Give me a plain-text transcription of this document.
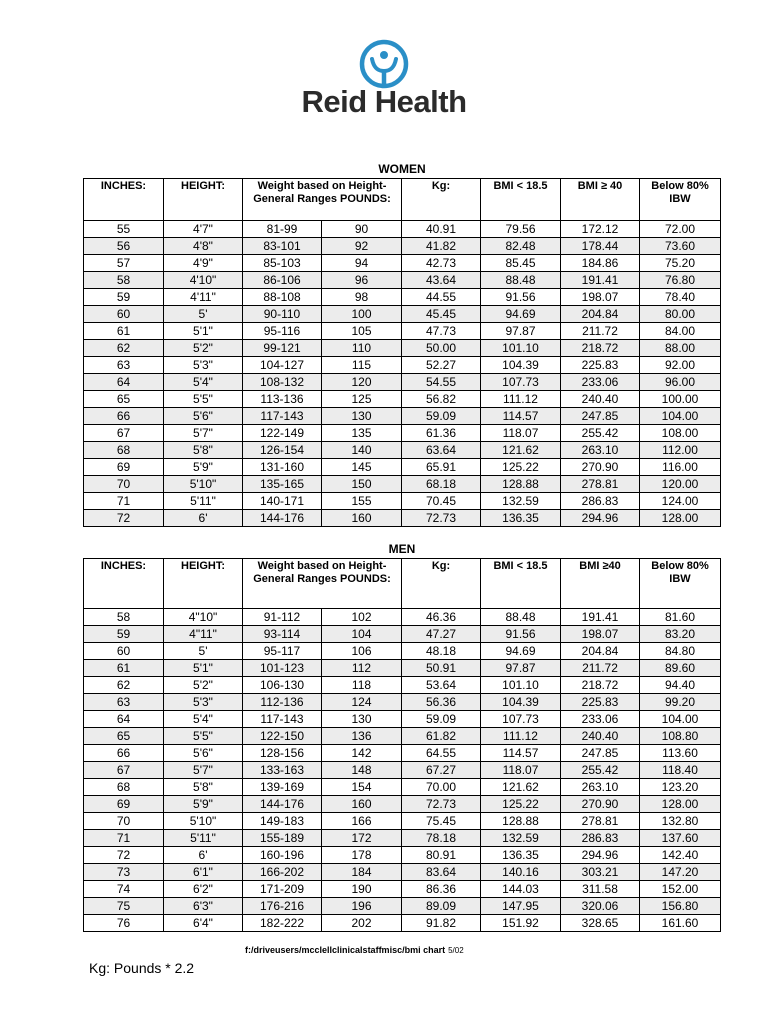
Reid Health
WOMEN
INCHES:	HEIGHT:	Weight based on Height-General Ranges POUNDS:		Kg:	BMI < 18.5	BMI ≥ 40	Below 80% IBW
55	4'7"	81-99	90	40.91	79.56	172.12	72.00
56	4'8"	83-101	92	41.82	82.48	178.44	73.60
57	4'9"	85-103	94	42.73	85.45	184.86	75.20
58	4'10"	86-106	96	43.64	88.48	191.41	76.80
59	4'11"	88-108	98	44.55	91.56	198.07	78.40
60	5'	90-110	100	45.45	94.69	204.84	80.00
61	5'1"	95-116	105	47.73	97.87	211.72	84.00
62	5'2"	99-121	110	50.00	101.10	218.72	88.00
63	5'3"	104-127	115	52.27	104.39	225.83	92.00
64	5'4"	108-132	120	54.55	107.73	233.06	96.00
65	5'5"	113-136	125	56.82	111.12	240.40	100.00
66	5'6"	117-143	130	59.09	114.57	247.85	104.00
67	5'7"	122-149	135	61.36	118.07	255.42	108.00
68	5'8"	126-154	140	63.64	121.62	263.10	112.00
69	5'9"	131-160	145	65.91	125.22	270.90	116.00
70	5'10"	135-165	150	68.18	128.88	278.81	120.00
71	5'11"	140-171	155	70.45	132.59	286.83	124.00
72	6'	144-176	160	72.73	136.35	294.96	128.00
MEN
INCHES:	HEIGHT:	Weight based on Height-General Ranges POUNDS:		Kg:	BMI < 18.5	BMI ≥40	Below 80% IBW
58	4"10"	91-112	102	46.36	88.48	191.41	81.60
59	4"11"	93-114	104	47.27	91.56	198.07	83.20
60	5'	95-117	106	48.18	94.69	204.84	84.80
61	5'1"	101-123	112	50.91	97.87	211.72	89.60
62	5'2"	106-130	118	53.64	101.10	218.72	94.40
63	5'3"	112-136	124	56.36	104.39	225.83	99.20
64	5'4"	117-143	130	59.09	107.73	233.06	104.00
65	5'5"	122-150	136	61.82	111.12	240.40	108.80
66	5'6"	128-156	142	64.55	114.57	247.85	113.60
67	5'7"	133-163	148	67.27	118.07	255.42	118.40
68	5'8"	139-169	154	70.00	121.62	263.10	123.20
69	5'9"	144-176	160	72.73	125.22	270.90	128.00
70	5'10"	149-183	166	75.45	128.88	278.81	132.80
71	5'11"	155-189	172	78.18	132.59	286.83	137.60
72	6'	160-196	178	80.91	136.35	294.96	142.40
73	6'1"	166-202	184	83.64	140.16	303.21	147.20
74	6'2"	171-209	190	86.36	144.03	311.58	152.00
75	6'3"	176-216	196	89.09	147.95	320.06	156.80
76	6'4"	182-222	202	91.82	151.92	328.65	161.60
f:/driveusers/mcclellclinicalstaffmisc/bmi chart 5/02
Kg: Pounds * 2.2
